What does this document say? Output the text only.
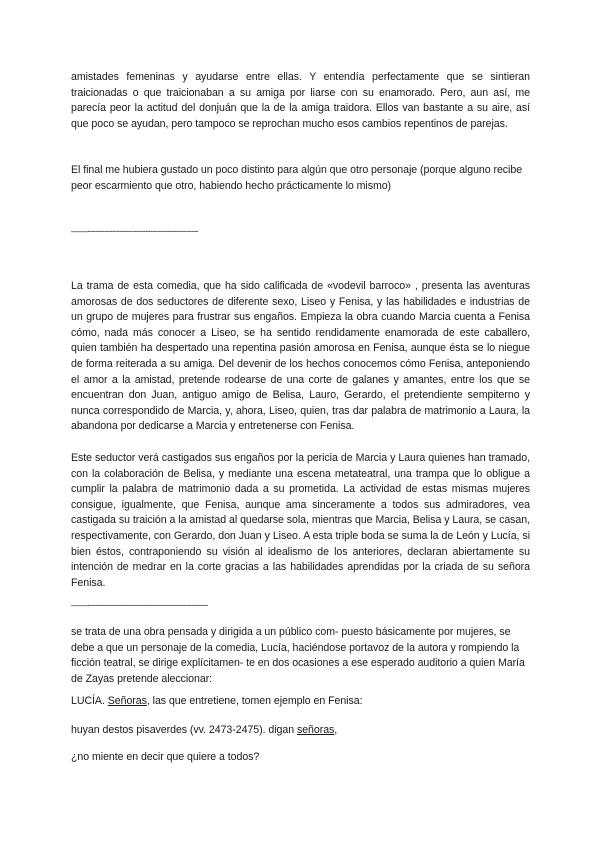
amistades femeninas y ayudarse entre ellas. Y entendía perfectamente que se sintieran traicionadas o que traicionaban a su amiga por liarse con su enamorado. Pero, aun así, me parecía peor la actitud del donjuán que la de la amiga traidora. Ellos van bastante a su aire, así que poco se ayudan, pero tampoco se reprochan mucho esos cambios repentinos de parejas.

El final me hubiera gustado un poco distinto para algún que otro personaje (porque alguno recibe peor escarmiento que otro, habiendo hecho prácticamente lo mismo)

——----------------------------------------------

La trama de esta comedia, que ha sido calificada de «vodevil barroco» , presenta las aventuras amorosas de dos seductores de diferente sexo, Liseo y Fenisa, y las habilidades e industrias de un grupo de mujeres para frustrar sus engaños. Empieza la obra cuando Marcia cuenta a Fenisa cómo, nada más conocer a Liseo, se ha sentido rendidamente enamorada de este caballero, quien también ha despertado una repentina pasión amorosa en Fenisa, aunque ésta se lo niegue de forma reiterada a su amiga. Del devenir de los hechos conocemos cómo Fenisa, anteponiendo el amor a la amistad, pretende rodearse de una corte de galanes y amantes, entre los que se encuentran don Juan, antiguo amigo de Belisa, Lauro, Gerardo, el pretendiente sempiterno y nunca correspondido de Marcia, y, ahora, Liseo, quien, tras dar palabra de matrimonio a Laura, la abandona por dedicarse a Marcia y entretenerse con Fenisa.

Este seductor verá castigados sus engaños por la pericia de Marcia y Laura quienes han tramado, con la colaboración de Belisa, y mediante una escena metateatral, una trampa que lo obligue a cumplir la palabra de matrimonio dada a su prometida. La actividad de estas mismas mujeres consigue, igualmente, que Fenisa, aunque ama sinceramente a todos sus admiradores, vea castigada su traición a la amistad al quedarse sola, mientras que Marcia, Belisa y Laura, se casan, respectivamente, con Gerardo, don Juan y Liseo. A esta triple boda se suma la de León y Lucía, si bien éstos, contraponiendo su visión al idealismo de los anteriores, declaran abiertamente su intención de medrar en la corte gracias a las habilidades aprendidas por la criada de su señora Fenisa.

——--------------------------------------------------

se trata de una obra pensada y dirigida a un público com- puesto básicamente por mujeres, se debe a que un personaje de la comedia, Lucía, haciéndose portavoz de la autora y rompiendo la ficción teatral, se dirige explícitamen- te en dos ocasiones a ese esperado auditorio a quien María de Zayas pretende aleccionar:

LUCÍA. Señoras, las que entretiene, tomen ejemplo en Fenisa:

huyan destos pisaverdes (vv. 2473-2475). digan señoras,

¿no miente en decir que quiere a todos?
